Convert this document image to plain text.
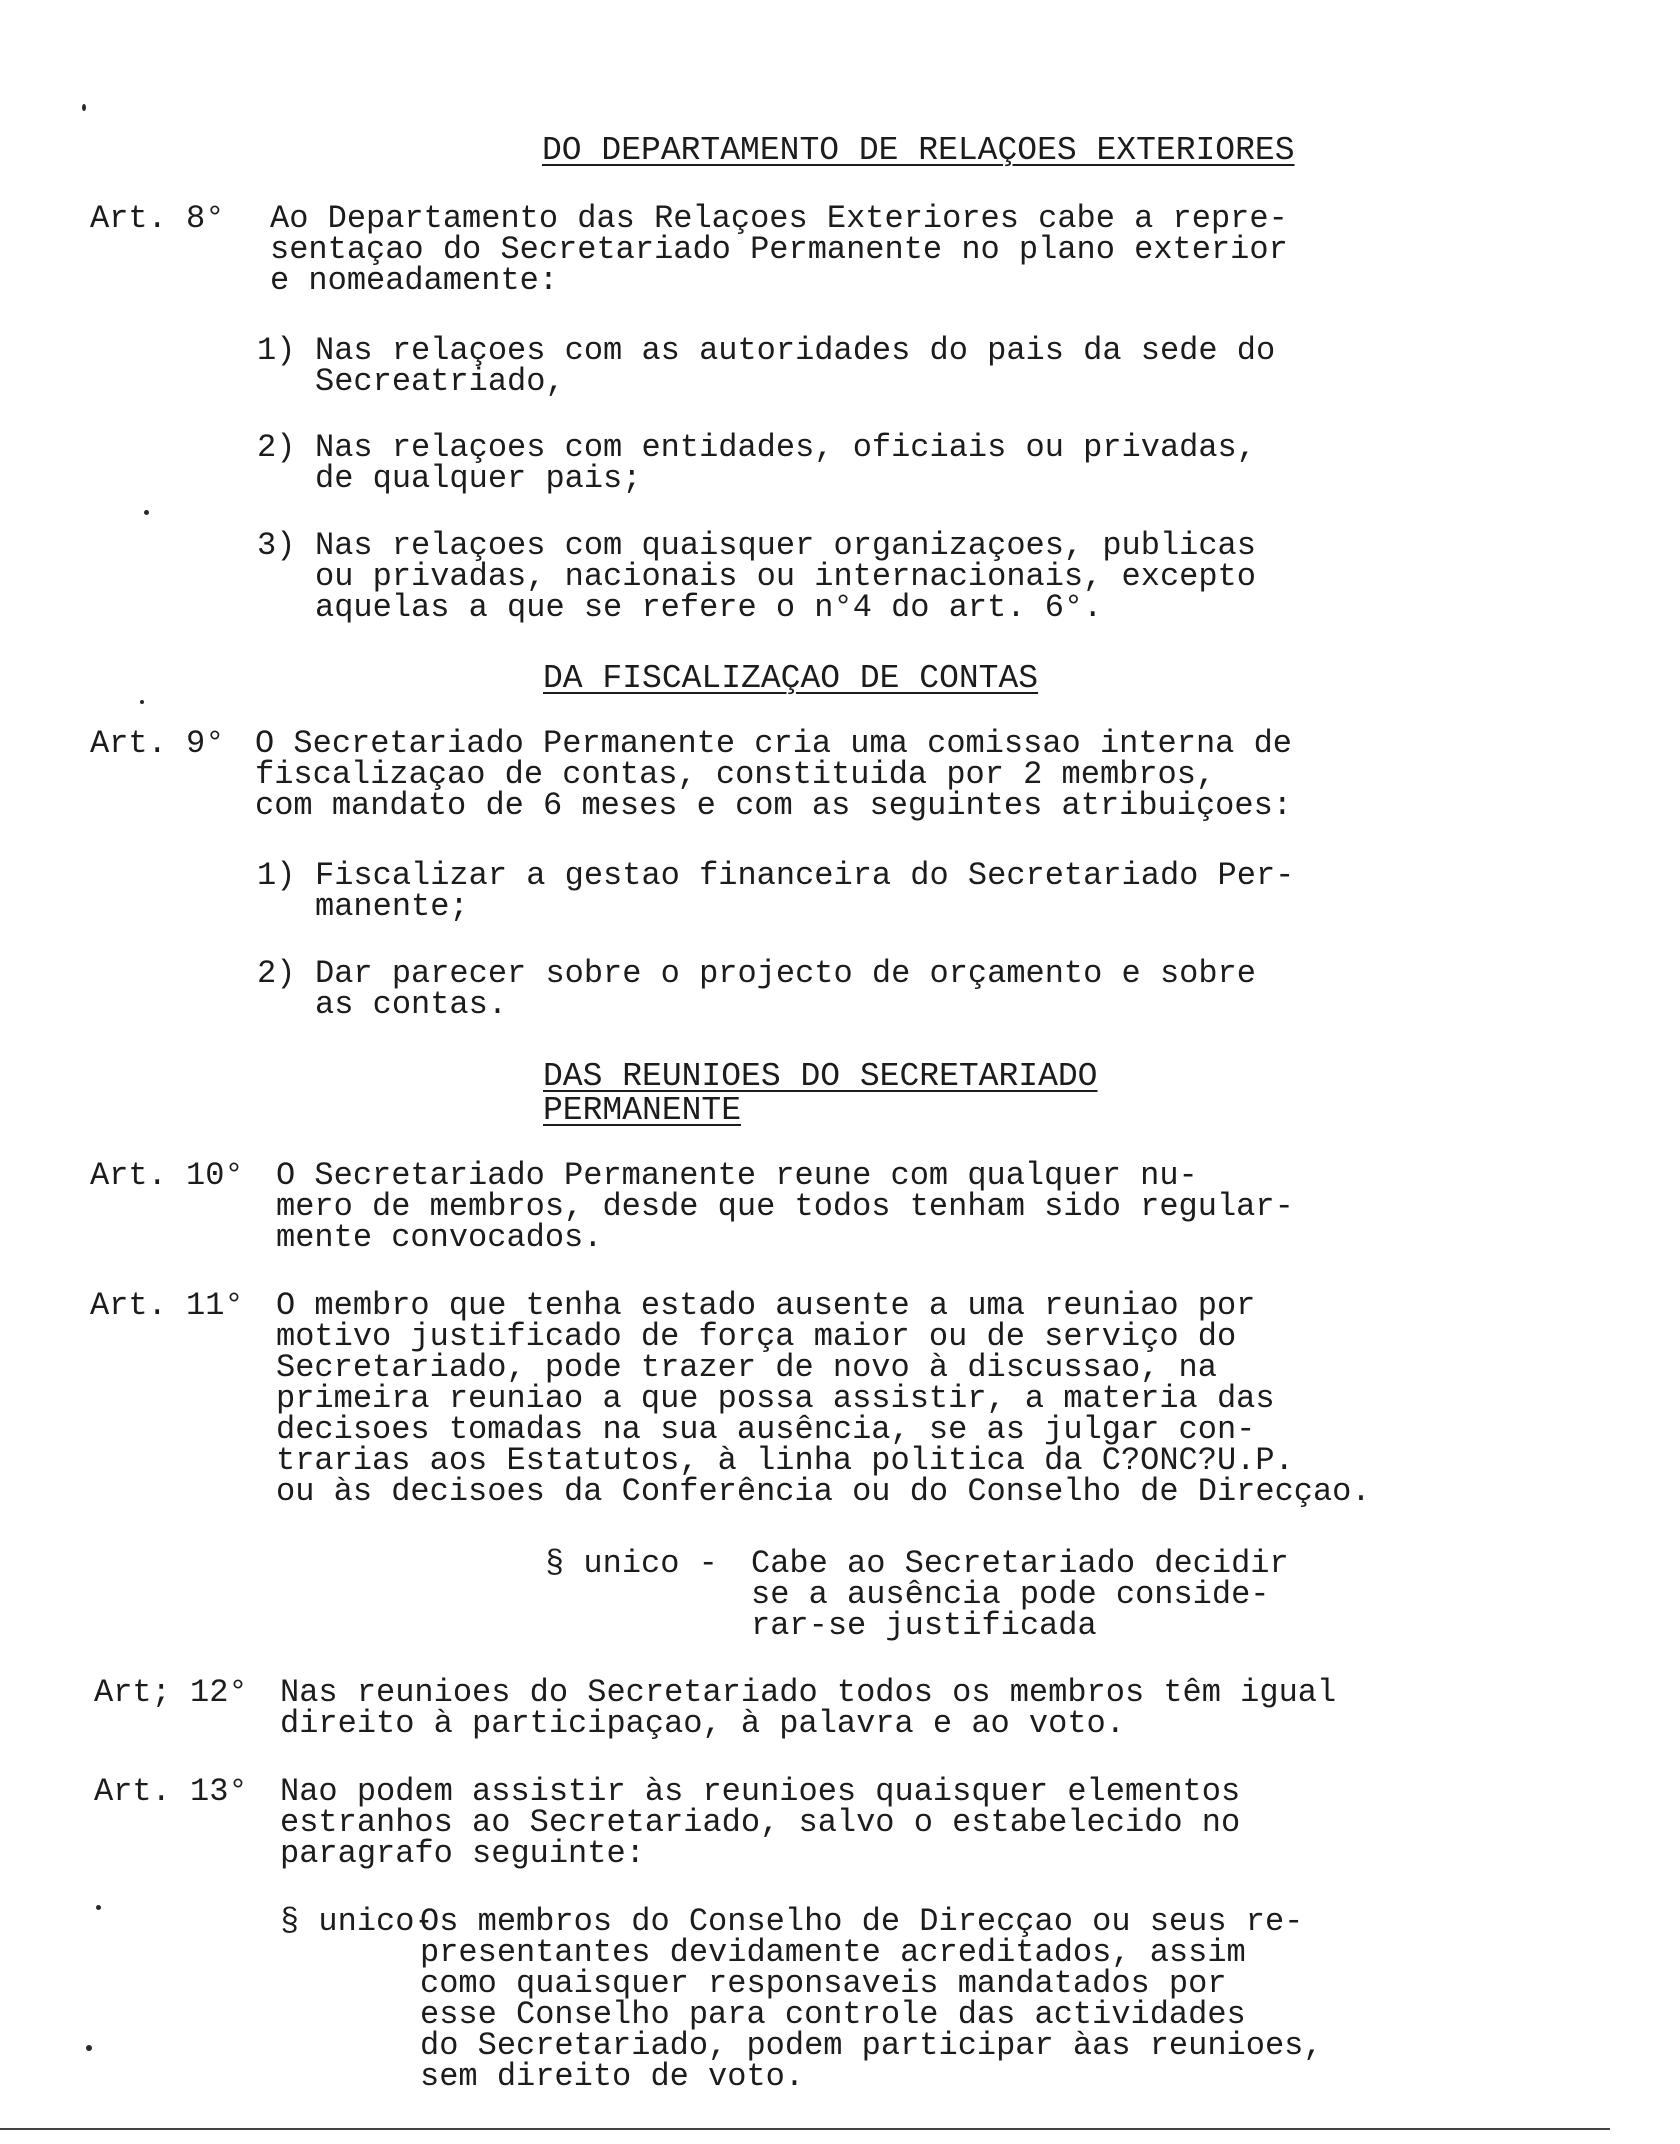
DO DEPARTAMENTO DE RELAÇOES EXTERIORES
Art. 8° Ao Departamento das Relaçoes Exteriores cabe a repre-
sentaçao do Secretariado Permanente no plano exterior
e nomeadamente:
1) Nas relaçoes com as autoridades do pais da sede do
Secreatriado,
2) Nas relaçoes com entidades, oficiais ou privadas,
de qualquer pais;
3) Nas relaçoes com quaisquer organizaçoes, publicas
ou privadas, nacionais ou internacionais, excepto
aquelas a que se refere o n°4 do art. 6°.
DA FISCALIZAÇAO DE CONTAS
Art. 9° O Secretariado Permanente cria uma comissao interna de
fiscalizaçao de contas, constituida por 2 membros,
com mandato de 6 meses e com as seguintes atribuiçoes:
1) Fiscalizar a gestao financeira do Secretariado Per-
manente;
2) Dar parecer sobre o projecto de orçamento e sobre
as contas.
DAS REUNIOES DO SECRETARIADO
PERMANENTE
Art. 10° O Secretariado Permanente reune com qualquer nu-
mero de membros, desde que todos tenham sido regular-
mente convocados.
Art. 11° O membro que tenha estado ausente a uma reuniao por
motivo justificado de força maior ou de serviço do
Secretariado, pode trazer de novo à discussao, na
primeira reuniao a que possa assistir, a materia das
decisoes tomadas na sua ausência, se as julgar con-
trarias aos Estatutos, à linha politica da C?ONC?U.P.
ou às decisoes da Conferência ou do Conselho de Direcçao.
§ unico - Cabe ao Secretariado decidir
se a ausência pode conside-
rar-se justificada
Art; 12° Nas reunioes do Secretariado todos os membros têm igual
direito à participaçao, à palavra e ao voto.
Art. 13° Nao podem assistir às reunioes quaisquer elementos
estranhos ao Secretariado, salvo o estabelecido no
paragrafo seguinte:
§ unico-
Os membros do Conselho de Direcçao ou seus re-
presentantes devidamente acreditados, assim
como quaisquer responsaveis mandatados por
esse Conselho para controle das actividades
do Secretariado, podem participar àas reunioes,
sem direito de voto.
